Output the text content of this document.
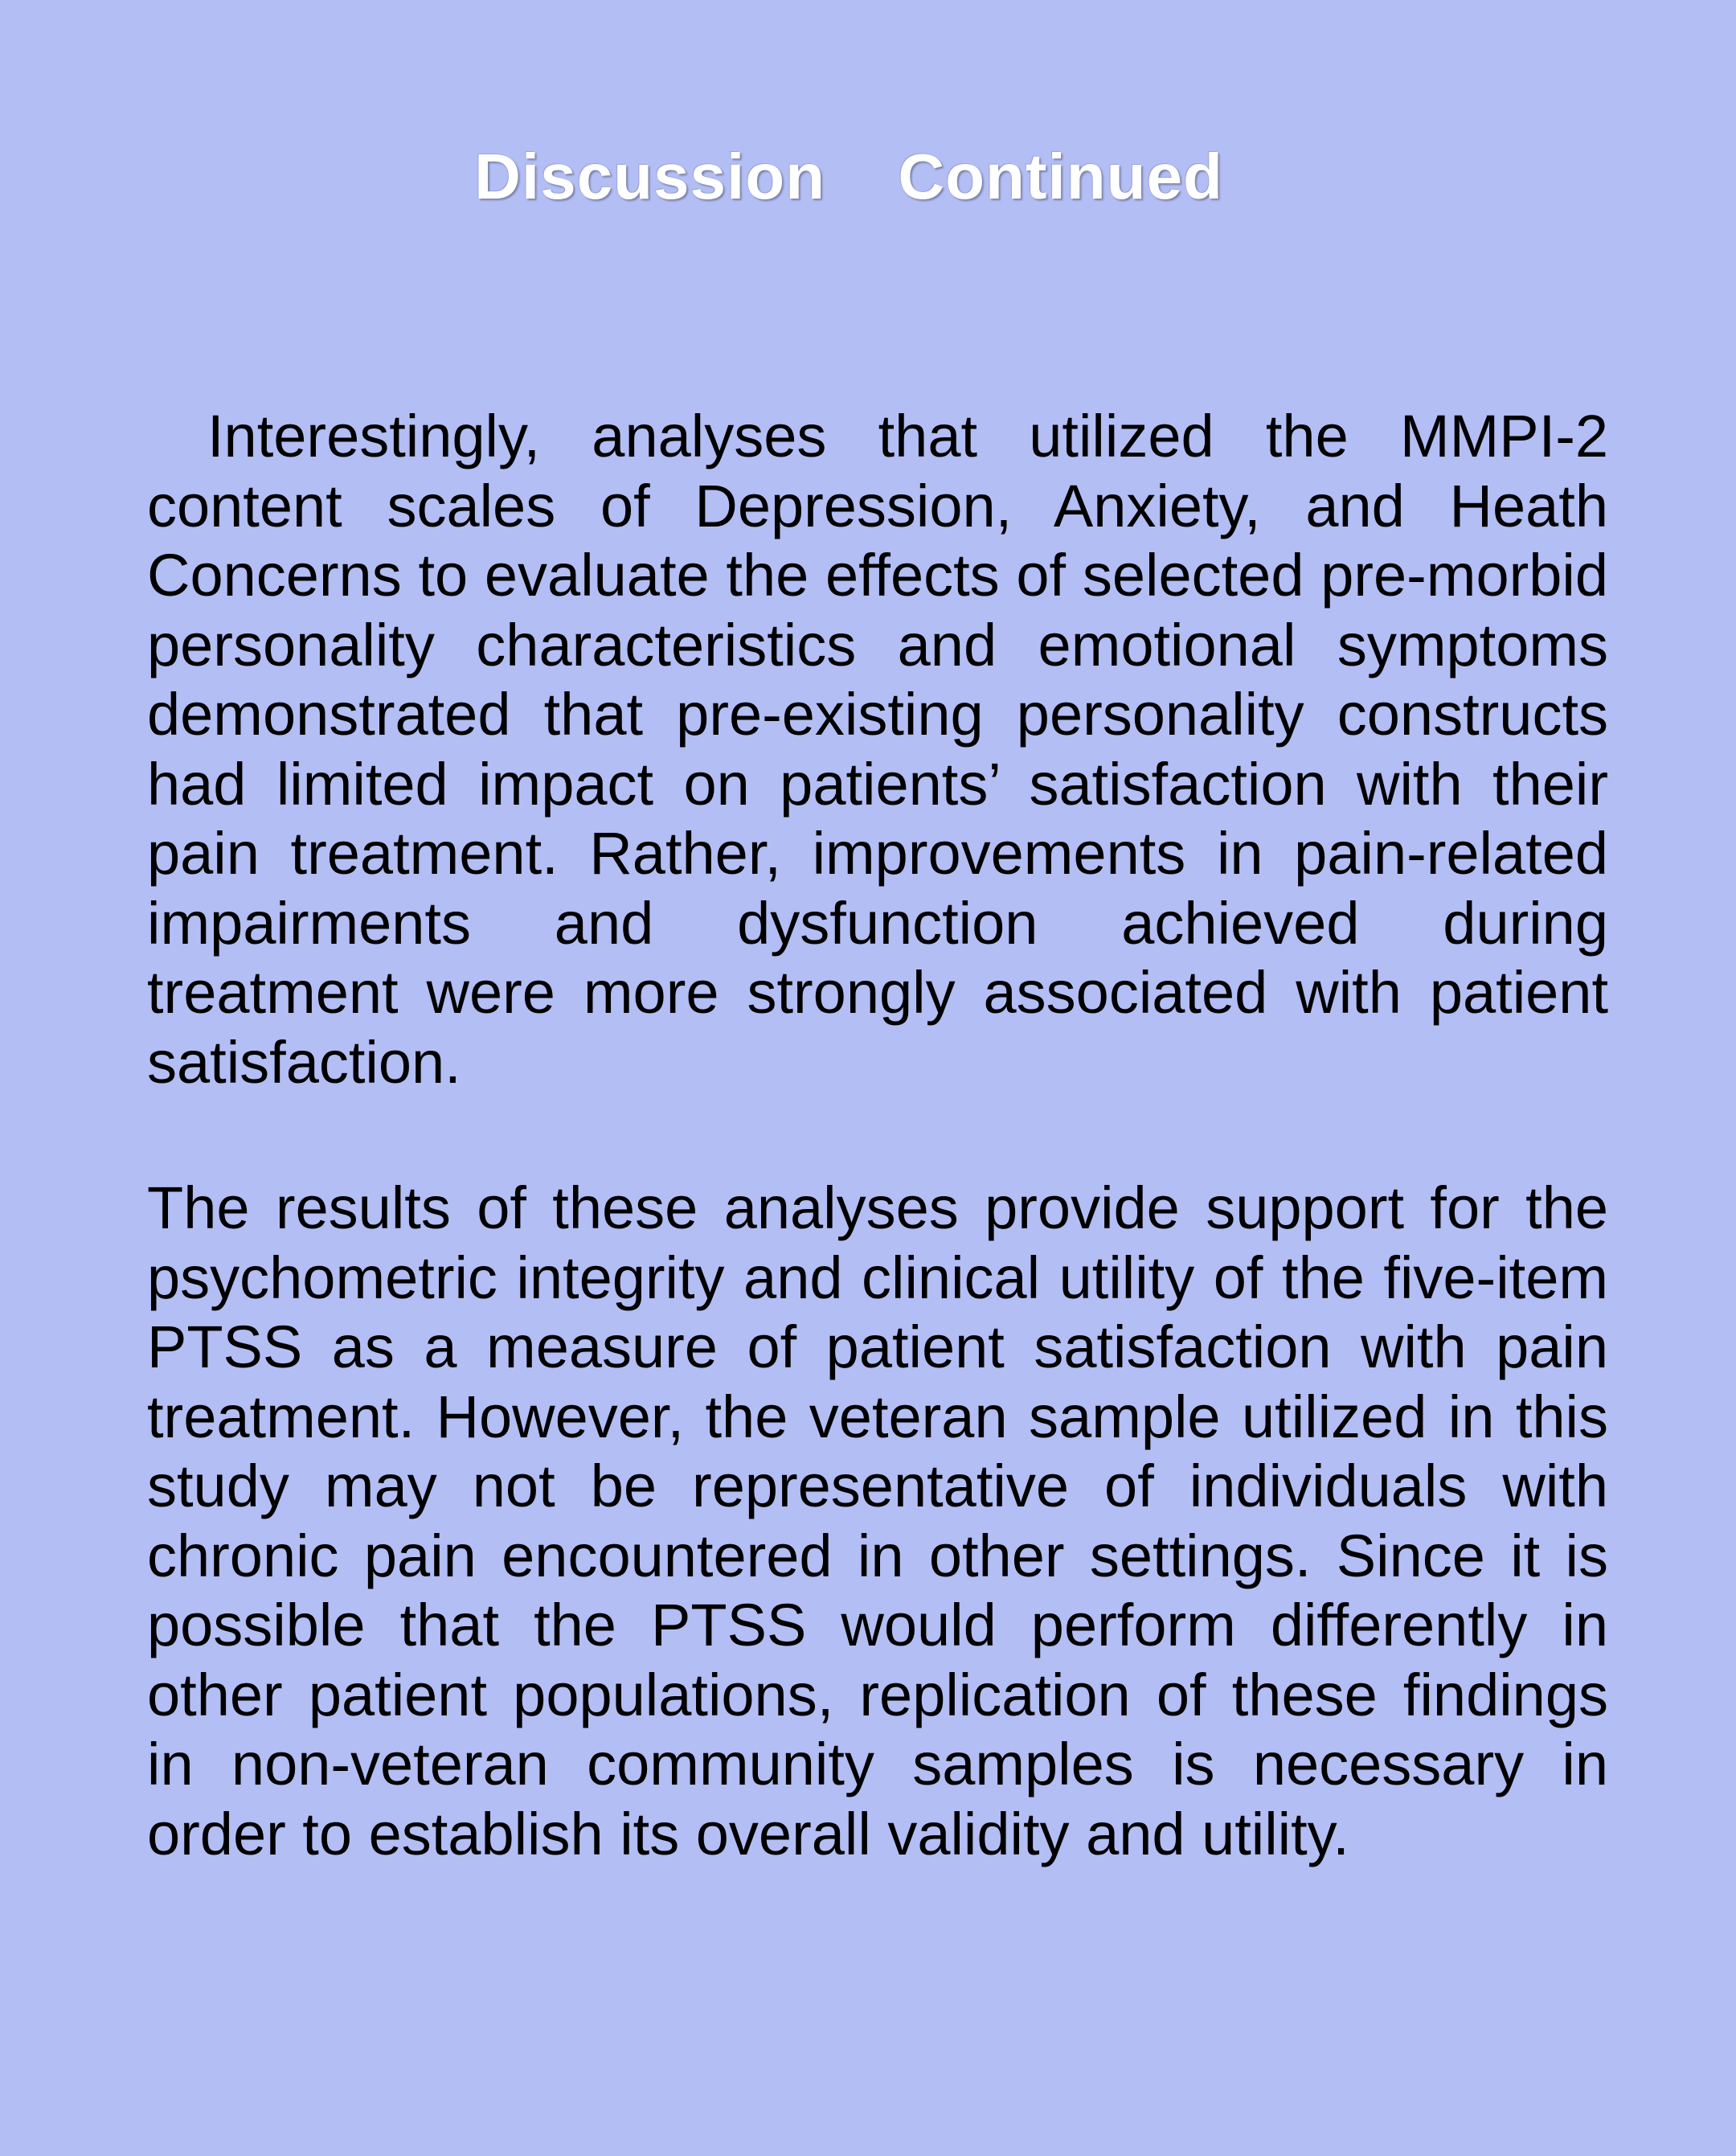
Discussion  Continued

Interestingly, analyses that utilized the MMPI-2 content scales of Depression, Anxiety, and Heath Concerns to evaluate the effects of selected pre-morbid personality characteristics and emotional symptoms demonstrated that pre-existing personality constructs had limited impact on patients’ satisfaction with their pain treatment. Rather, improvements in pain-related impairments and dysfunction achieved during treatment were more strongly associated with patient satisfaction.

The results of these analyses provide support for the psychometric integrity and clinical utility of the five-item PTSS as a measure of patient satisfaction with pain treatment. However, the veteran sample utilized in this study may not be representative of individuals with chronic pain encountered in other settings. Since it is possible that the PTSS would perform differently in other patient populations, replication of these findings in non-veteran community samples is necessary in order to establish its overall validity and utility.
